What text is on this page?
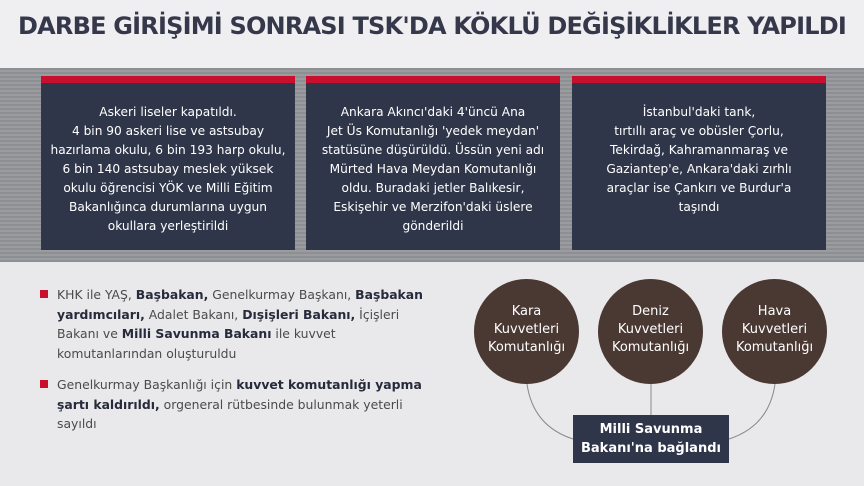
DARBE GİRİŞİMİ SONRASI TSK'DA KÖKLÜ DEĞİŞİKLİKLER YAPILDI
Askeri liseler kapatıldı.
4 bin 90 askeri lise ve astsubay
hazırlama okulu, 6 bin 193 harp okulu,
6 bin 140 astsubay meslek yüksek
okulu öğrencisi YÖK ve Milli Eğitim
Bakanlığınca durumlarına uygun
okullara yerleştirildi
Ankara Akıncı'daki 4'üncü Ana
Jet Üs Komutanlığı 'yedek meydan'
statüsüne düşürüldü. Üssün yeni adı
Mürted Hava Meydan Komutanlığı
oldu. Buradaki jetler Balıkesir,
Eskişehir ve Merzifon'daki üslere
gönderildi
İstanbul'daki tank,
tırtıllı araç ve obüsler Çorlu,
Tekirdağ, Kahramanmaraş ve
Gaziantep'e, Ankara'daki zırhlı
araçlar ise Çankırı ve Burdur'a
taşındı
KHK ile YAŞ, Başbakan, Genelkurmay Başkanı, Başbakan yardımcıları, Adalet Bakanı, Dışişleri Bakanı, İçişleri Bakanı ve Milli Savunma Bakanı ile kuvvet komutanlarından oluşturuldu
Genelkurmay Başkanlığı için kuvvet komutanlığı yapma şartı kaldırıldı, orgeneral rütbesinde bulunmak yeterli sayıldı
Kara
Kuvvetleri
Komutanlığı
Deniz
Kuvvetleri
Komutanlığı
Hava
Kuvvetleri
Komutanlığı
Milli Savunma
Bakanı'na bağlandı
